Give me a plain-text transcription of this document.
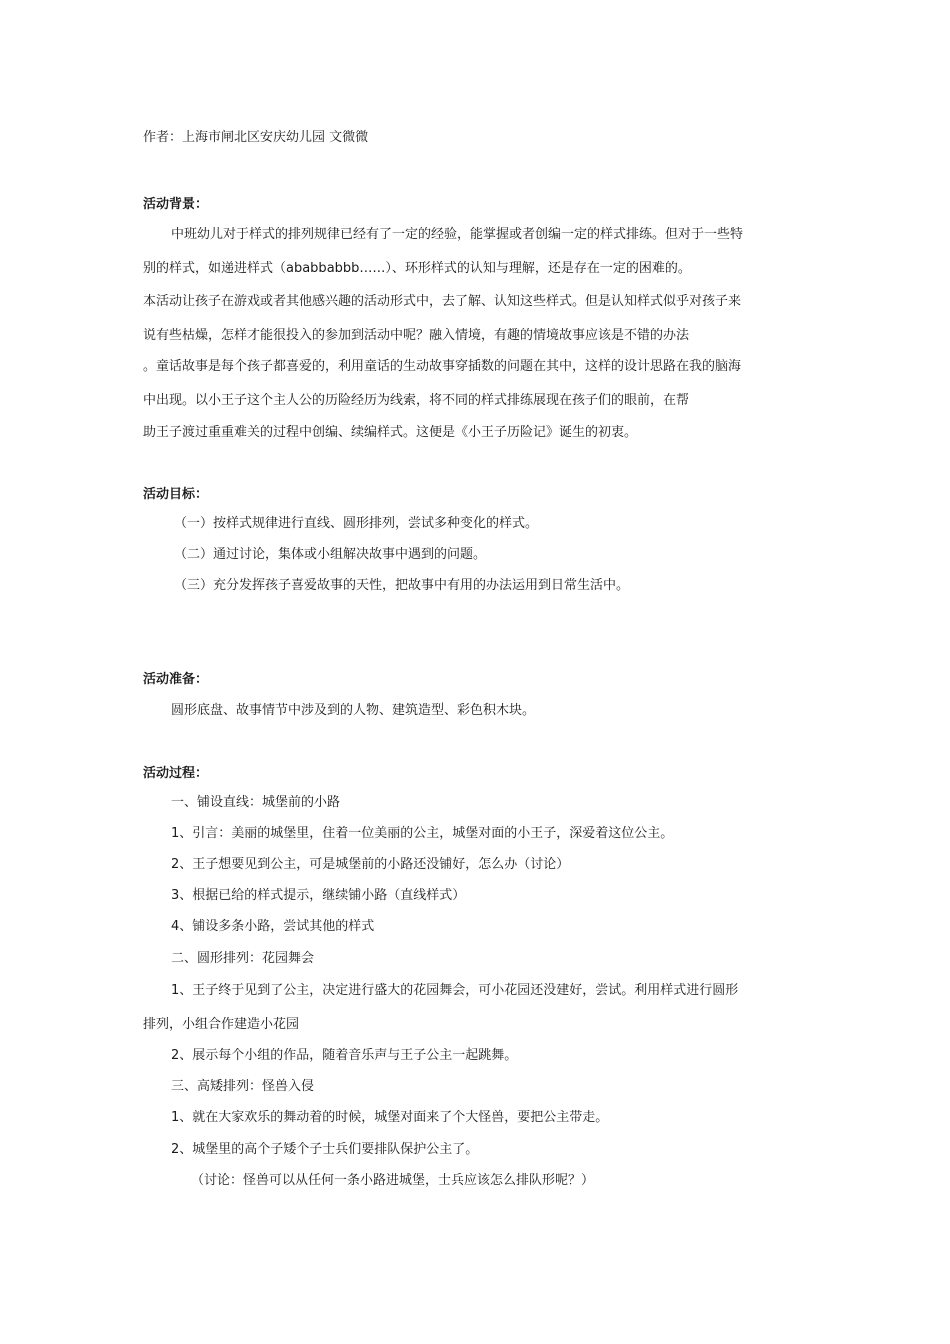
作者：上海市闸北区安庆幼儿园 文微微
活动背景：
中班幼儿对于样式的排列规律已经有了一定的经验，能掌握或者创编一定的样式排练。但对于一些特
别的样式，如递进样式（ababbabbb……）、环形样式的认知与理解，还是存在一定的困难的。
本活动让孩子在游戏或者其他感兴趣的活动形式中，去了解、认知这些样式。但是认知样式似乎对孩子来
说有些枯燥，怎样才能很投入的参加到活动中呢？融入情境，有趣的情境故事应该是不错的办法
。童话故事是每个孩子都喜爱的，利用童话的生动故事穿插数的问题在其中，这样的设计思路在我的脑海
中出现。以小王子这个主人公的历险经历为线索，将不同的样式排练展现在孩子们的眼前，在帮
助王子渡过重重难关的过程中创编、续编样式。这便是《小王子历险记》诞生的初衷。
活动目标：
（一）按样式规律进行直线、圆形排列，尝试多种变化的样式。
（二）通过讨论，集体或小组解决故事中遇到的问题。
（三）充分发挥孩子喜爱故事的天性，把故事中有用的办法运用到日常生活中。
活动准备：
圆形底盘、故事情节中涉及到的人物、建筑造型、彩色积木块。
活动过程：
一、铺设直线：城堡前的小路
1、引言：美丽的城堡里，住着一位美丽的公主，城堡对面的小王子，深爱着这位公主。
2、王子想要见到公主，可是城堡前的小路还没铺好，怎么办（讨论）
3、根据已给的样式提示，继续铺小路（直线样式）
4、铺设多条小路，尝试其他的样式
二、圆形排列：花园舞会
1、王子终于见到了公主，决定进行盛大的花园舞会，可小花园还没建好，尝试。利用样式进行圆形
排列，小组合作建造小花园
2、展示每个小组的作品，随着音乐声与王子公主一起跳舞。
三、高矮排列：怪兽入侵
1、就在大家欢乐的舞动着的时候，城堡对面来了个大怪兽，要把公主带走。
2、城堡里的高个子矮个子士兵们要排队保护公主了。
（讨论：怪兽可以从任何一条小路进城堡，士兵应该怎么排队形呢？）
